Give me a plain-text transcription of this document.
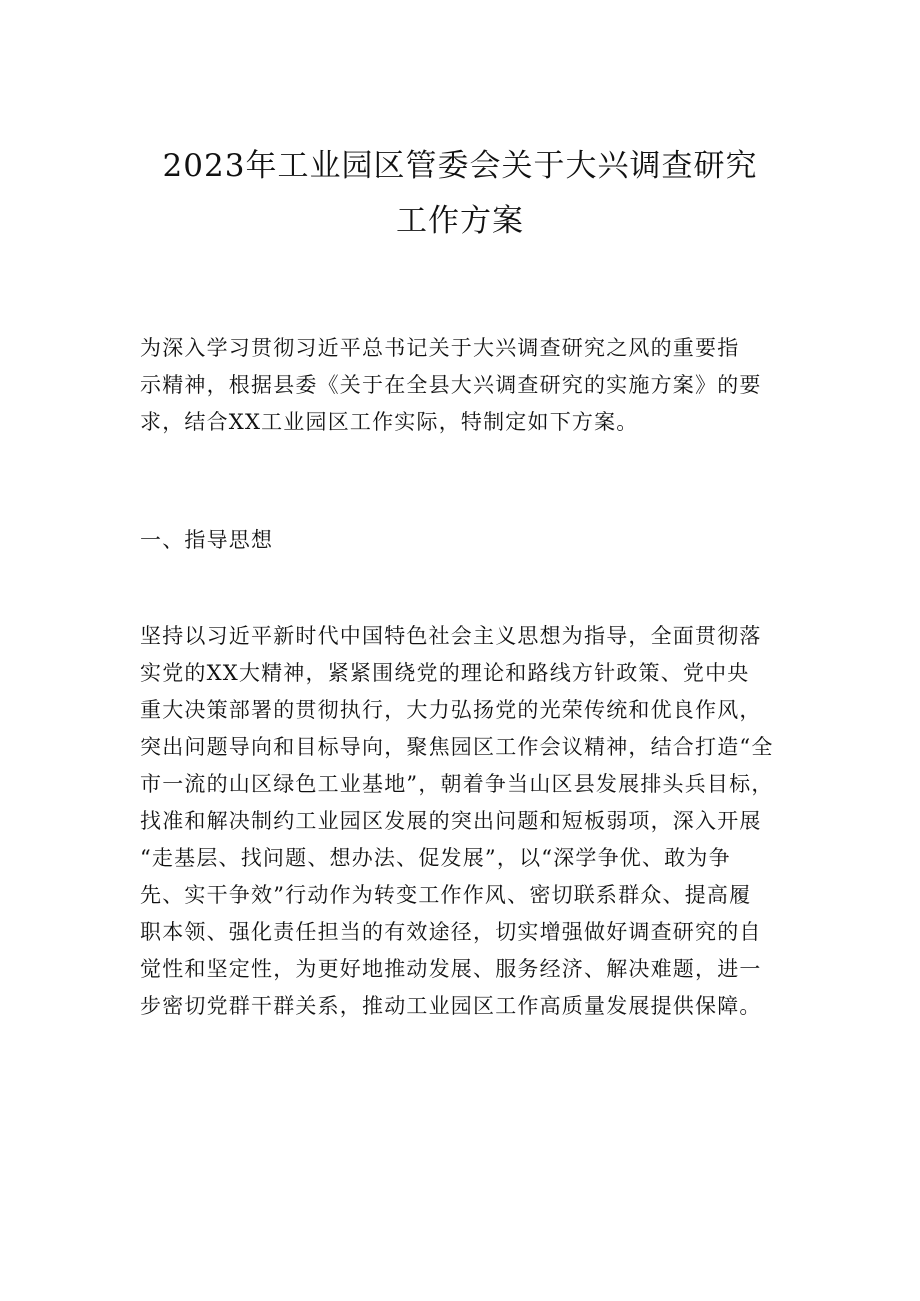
2023年工业园区管委会关于大兴调查研究
工作方案

为深入学习贯彻习近平总书记关于大兴调查研究之风的重要指
示精神，根据县委《关于在全县大兴调查研究的实施方案》的要
求，结合XX工业园区工作实际，特制定如下方案。

一、指导思想

坚持以习近平新时代中国特色社会主义思想为指导，全面贯彻落
实党的XX大精神，紧紧围绕党的理论和路线方针政策、党中央
重大决策部署的贯彻执行，大力弘扬党的光荣传统和优良作风，
突出问题导向和目标导向，聚焦园区工作会议精神，结合打造“全
市一流的山区绿色工业基地”，朝着争当山区县发展排头兵目标，
找准和解决制约工业园区发展的突出问题和短板弱项，深入开展
“走基层、找问题、想办法、促发展”，以“深学争优、敢为争
先、实干争效”行动作为转变工作作风、密切联系群众、提高履
职本领、强化责任担当的有效途径，切实增强做好调查研究的自
觉性和坚定性，为更好地推动发展、服务经济、解决难题，进一
步密切党群干群关系，推动工业园区工作高质量发展提供保障。
